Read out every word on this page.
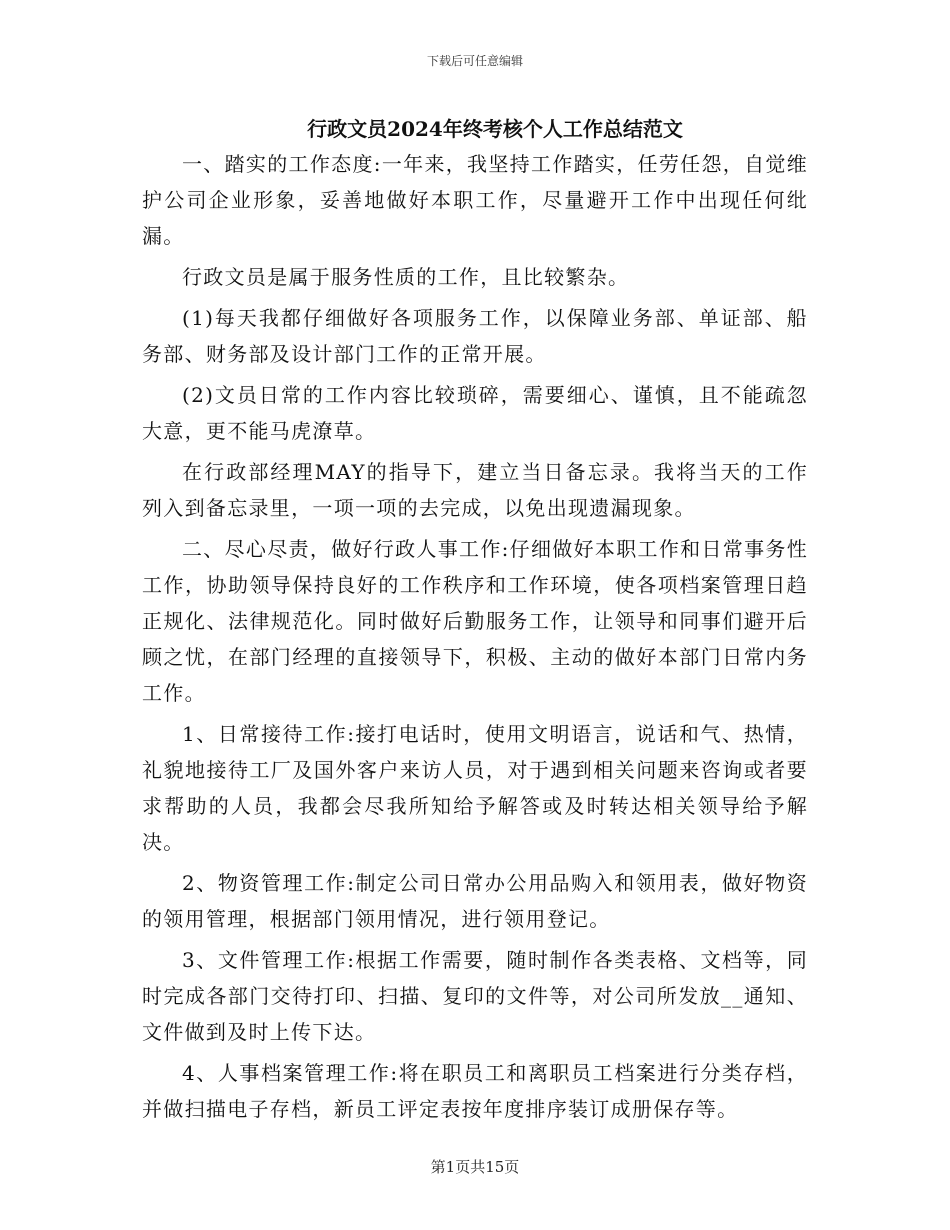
下载后可任意编辑
行政文员2024年终考核个人工作总结范文

一、踏实的工作态度:一年来，我坚持工作踏实，任劳任怨，自觉维护公司企业形象，妥善地做好本职工作，尽量避开工作中出现任何纰漏。

行政文员是属于服务性质的工作，且比较繁杂。

(1)每天我都仔细做好各项服务工作，以保障业务部、单证部、船务部、财务部及设计部门工作的正常开展。

(2)文员日常的工作内容比较琐碎，需要细心、谨慎，且不能疏忽大意，更不能马虎潦草。

在行政部经理MAY的指导下，建立当日备忘录。我将当天的工作列入到备忘录里，一项一项的去完成，以免出现遗漏现象。

二、尽心尽责，做好行政人事工作:仔细做好本职工作和日常事务性工作，协助领导保持良好的工作秩序和工作环境，使各项档案管理日趋正规化、法律规范化。同时做好后勤服务工作，让领导和同事们避开后顾之忧，在部门经理的直接领导下，积极、主动的做好本部门日常内务工作。

1、日常接待工作:接打电话时，使用文明语言，说话和气、热情，礼貌地接待工厂及国外客户来访人员，对于遇到相关问题来咨询或者要求帮助的人员，我都会尽我所知给予解答或及时转达相关领导给予解决。

2、物资管理工作:制定公司日常办公用品购入和领用表，做好物资的领用管理，根据部门领用情况，进行领用登记。

3、文件管理工作:根据工作需要，随时制作各类表格、文档等，同时完成各部门交待打印、扫描、复印的文件等，对公司所发放__通知、文件做到及时上传下达。

4、人事档案管理工作:将在职员工和离职员工档案进行分类存档，并做扫描电子存档，新员工评定表按年度排序装订成册保存等。

第1页共15页
